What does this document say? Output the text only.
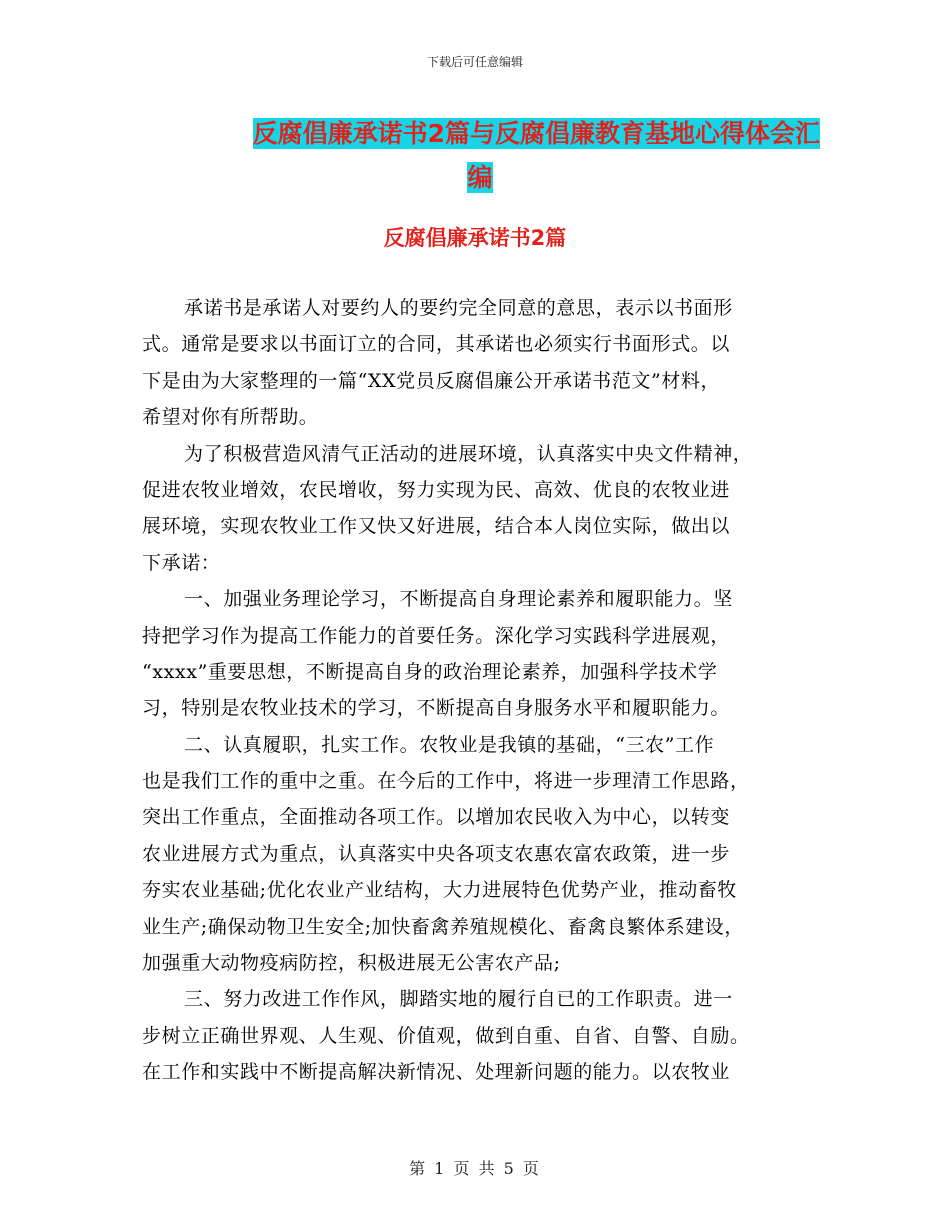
下载后可任意编辑
反腐倡廉承诺书2篇与反腐倡廉教育基地心得体会汇
编
反腐倡廉承诺书2篇
承诺书是承诺人对要约人的要约完全同意的意思，表示以书面形
式。通常是要求以书面订立的合同，其承诺也必须实行书面形式。以
下是由为大家整理的一篇“XX党员反腐倡廉公开承诺书范文”材料，
希望对你有所帮助。
为了积极营造风清气正活动的进展环境，认真落实中央文件精神，
促进农牧业增效，农民增收，努力实现为民、高效、优良的农牧业进
展环境，实现农牧业工作又快又好进展，结合本人岗位实际，做出以
下承诺：
一、加强业务理论学习，不断提高自身理论素养和履职能力。坚
持把学习作为提高工作能力的首要任务。深化学习实践科学进展观，
“xxxx”重要思想，不断提高自身的政治理论素养，加强科学技术学
习，特别是农牧业技术的学习，不断提高自身服务水平和履职能力。
二、认真履职，扎实工作。农牧业是我镇的基础，“三农”工作
也是我们工作的重中之重。在今后的工作中，将进一步理清工作思路，
突出工作重点，全面推动各项工作。以增加农民收入为中心，以转变
农业进展方式为重点，认真落实中央各项支农惠农富农政策，进一步
夯实农业基础;优化农业产业结构，大力进展特色优势产业，推动畜牧
业生产;确保动物卫生安全;加快畜禽养殖规模化、畜禽良繁体系建设，
加强重大动物疫病防控，积极进展无公害农产品;
三、努力改进工作作风，脚踏实地的履行自已的工作职责。进一
步树立正确世界观、人生观、价值观，做到自重、自省、自警、自励。
在工作和实践中不断提高解决新情况、处理新问题的能力。以农牧业
第 1 页 共 5 页
